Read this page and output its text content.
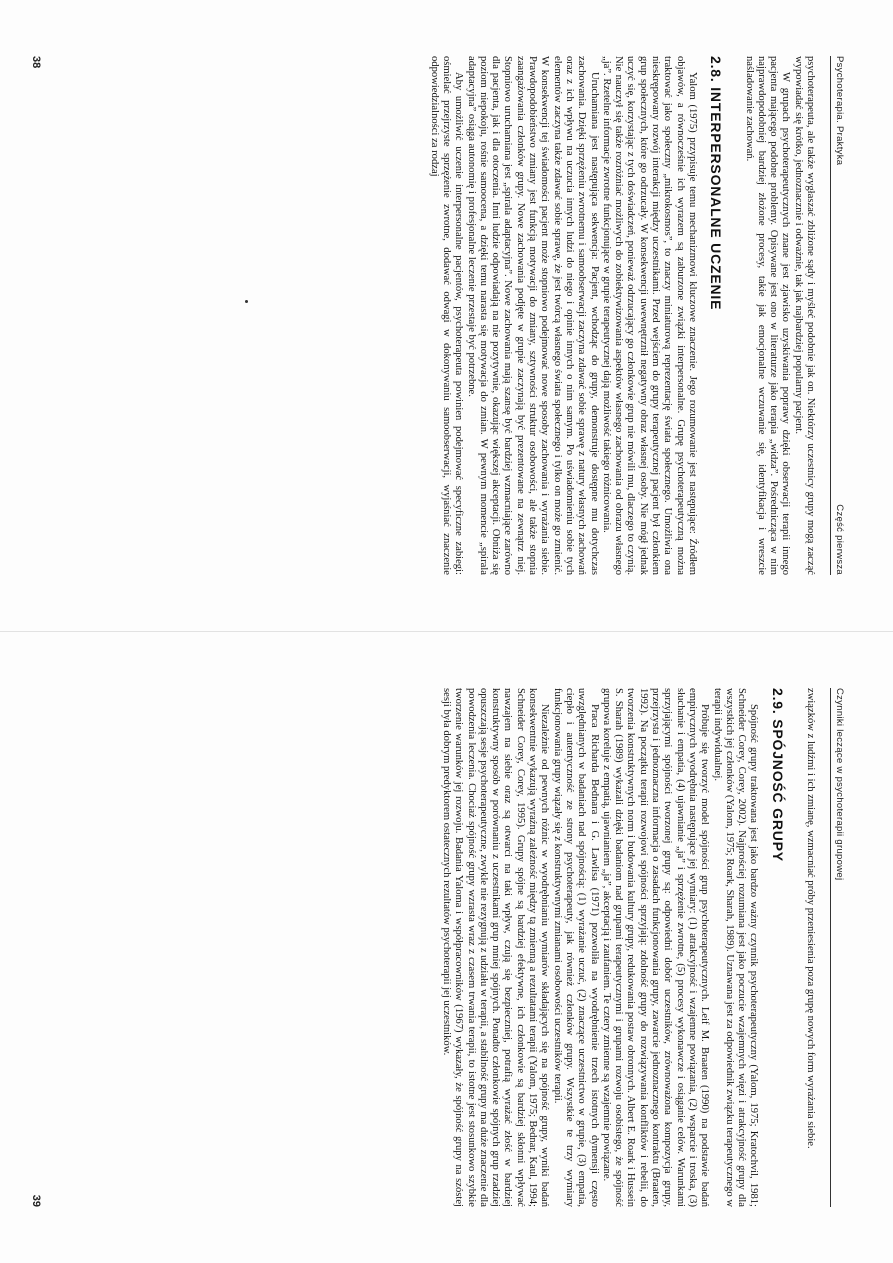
Psychoterapia. Praktyka
Część pierwsza

psychoterapeuta, ale także wygłaszać zbliżone sądy i myśleć podobnie jak on. Niektórzy uczestnicy grupy mogą zacząć wypowiadać się krótko, jednoznacznie i odważnie, tak jak najbardziej popularny pacjent.

W grupach psychoterapeutycznych znane jest zjawisko uzyskiwania poprawy dzięki obserwacji terapii innego pacjenta mającego podobne problemy. Opisywane jest ono w literaturze jako terapia „widza”. Pośrednicząca w nim najprawdopodobniej bardziej złożone procesy, takie jak emocjonalne wczuwanie się, identyfikacja i wreszcie naśladowanie zachowań.

2.8. INTERPERSONALNE UCZENIE

Yalom (1975) przypisuje temu mechanizmowi kluczowe znaczenie. Jego rozumowanie jest następujące: Źródłem objawów, a równocześnie ich wyrazem są zaburzone związki interpersonalne. Grupę psychoterapeutyczną można traktować jako społeczny „mikrokosmos”, to znaczy miniaturową reprezentację świata społecznego. Umożliwia ona nieskrępowany rozwój interakcji między uczestnikami. Przed wejściem do grupy terapeutycznej pacjent był członkiem grup społecznych, które go odrzucały. W konsekwencji uwewnętrznił negatywny obraz własnej osoby. Nie mógł jednak uczyć się, korzystając z tych doświadczeń, ponieważ odrzucający go członkowie grup nie mówili mu, dlaczego to czynią. Nie nauczył się także rozróżniać możliwych do zobiektywizowania aspektów własnego zachowania od obrazu własnego „ja”. Rzetelne informacje zwrotne funkcjonujące w grupie terapeutycznej dają możliwość takiego różnicowania.

Uruchamiana jest następująca sekwencja: Pacjent, wchodząc do grupy, demonstruje dostępne mu dotychczas zachowania. Dzięki sprzężeniu zwrotnemu i samoobserwacji zaczyna zdawać sobie sprawę z natury własnych zachowań oraz z ich wpływu na uczucia innych ludzi do niego i opinie innych o nim samym. Po uświadomieniu sobie tych elementów zaczyna także zdawać sobie sprawę, że jest twórcą własnego świata społecznego i tylko on może go zmienić. W konsekwencji tej świadomości pacjent może stopniowo podejmować nowe sposoby zachowania i wyrażania siebie. Prawdopodobieństwo zmiany jest funkcją motywacji do zmiany, sztywności struktur osobowości, ale także stopnia zaangażowania członków grupy. Nowe zachowania podjęte w grupie zaczynają być prezentowane na zewnątrz niej. Stopniowo uruchamiana jest „spirala adaptacyjna”. Nowe zachowania mają szansę być bardziej wzmacniające zarówno dla pacjenta, jak i dla otoczenia. Inni ludzie odpowiadają na nie pozytywnie, okazując większej akceptacji. Obniża się poziom niepokoju, rośnie samoocena, a dzięki temu narasta się motywacja do zmian. W pewnym momencie „spirala adaptacyjna” osiąga autonomię i profesjonalne leczenie przestaje być potrzebne.

Aby umożliwić uczenie interpersonalne pacjentów, psychoterapeuta powinien podejmować specyficzne zabiegi: ośmielać przejrzyste sprzężenie zwrotne, dodawać odwagi w dokonywaniu samoobserwacji, wyjaśniać znaczenie odpowiedzialności za rodzaj

38
Czynniki leczące w psychoterapii grupowej

związków z ludźmi i ich zmianę, wzmacniać próby przeniesienia poza grupę nowych form wyrażania siebie.

2.9. SPÓJNOŚĆ GRUPY

Spójność grupy traktowana jest jako bardzo ważny czynnik psychoterapeutyczny (Yalom, 1975; Kratochvil, 1981; Schneider Corey, Corey, 2002). Najprościej rozumiana jest jako poczucie wzajemnych więzi i atrakcyjność grupy dla wszystkich jej członków (Yalom, 1975; Roark, Sharah, 1989). Uznawana jest za odpowiednik związku terapeutycznego w terapii indywidualnej.

Próbuje się tworzyć model spójności grup psychoterapeutycznych. Leif M. Braaten (1990) na podstawie badań empirycznych wyodrębnia następujące jej wymiary: (1) atrakcyjność i wzajemne powiązania, (2) wsparcie i troska, (3) słuchanie i empatia, (4) ujawnianie „ja” i sprzężenie zwrotne, (5) procesy wykonawcze i osiąganie celów. Warunkami sprzyjającymi spójności tworzonej grupy są: odpowiedni dobór uczestników, zrównoważona kompozycja grupy, przejrzysta i jednoznaczna informacja o zasadach funkcjonowania grupy, zawarcie jednoznacznego kontraktu (Braaten, 1992). Na początku terapii rozwojowi spójności sprzyjają: zdolność grupy do rozwiązywania konfliktów i rebelii, do tworzenia konstruktywnych norm i budowania kultury grupy, redukowania postaw obronnych. Albert E. Roark i Hussein S. Sharah (1989) wykazali dzięki badaniom nad grupami terapeutycznymi i grupami rozwoju osobistego, że spójność grupowa koreluje z empatią, ujawnianiem „ja”, akceptacją i zaufaniem. Te cztery zmienne są wzajemnie powiązane.

Praca Richarda Bednara i G. Lawlisa (1971) pozwoliła na wyodrębnienie trzech istotnych dymensji często uwzględnianych w badaniach nad spójnością: (1) wyrażanie uczuć, (2) znaczące uczestnictwo w grupie, (3) empatia, ciepło i autentyczność ze strony psychoterapeuty, jak również członków grupy. Wszystkie te trzy wymiary funkcjonowania grupy wiązały się z konstruktywnymi zmianami osobowości uczestników terapii.

Niezależnie od pewnych różnic w wyodrębnianiu wymiarów składających się na spójność grupy, wyniki badań konsekwentnie wykazują wyraźną zależność między tą zmienną a rezultatami terapii (Yalom, 1975; Bednar, Kaul, 1994; Schneider Corey, Corey, 1995). Grupy spójne są bardziej efektywne, ich członkowie są bardziej skłonni wpływać nawzajem na siebie oraz są otwarci na taki wpływ, czują się bezpieczniej, potrafią wyrażać złość w bardziej konstruktywny sposób w porównaniu z uczestnikami grup mniej spójnych. Ponadto członkowie spójnych grup rzadziej opuszczają sesje psychoterapeutyczne, zwykle nie rezygnują z udziału w terapii, a stabilność grupy ma duże znaczenie dla powodzenia leczenia. Chociaż spójność grupy wzrasta wraz z czasem trwania terapii, to istotne jest stosunkowo szybkie tworzenie warunków jej rozwoju. Badania Yaloma i współpracowników (1967) wykazały, że spójność grupy na szóstej sesji była dobrym predyktorem ostatecznych rezultatów psychoterapii jej uczestników.

39
